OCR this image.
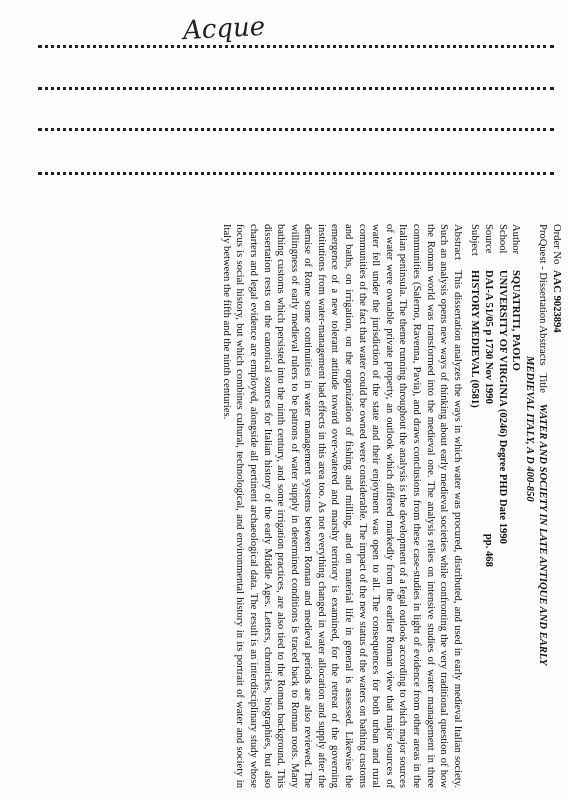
Acque
Order No
AAC 9023894
ProQuest - Dissertation Abstracts   Title    WATER AND SOCIETY IN LATE ANTIQUE AND EARLY
MEDIEVAL ITALY, A D 400-850
Author
SQUATRITI, PAOLO
School
UNIVERSITY OF VIRGINIA (0246) Degree PHD Date 1990
Source
DAI-A 51/05 p 1730 Nov 1990
pp. 468
Subject
HISTORY MEDIEVAL (0581)

AbstractThis dissertation analyzes the ways in which water was procured, distributed, and used in early medieval Italian society. Such an analysis opens new ways of thinking about early medieval societies while confronting the very traditional question of how the Roman world was transformed into the medieval one. The analysis relies on intensive studies of water management in three communities (Salerno, Ravenna, Pavia), and draws conclusions from these case-studies in light of evidence from other areas in the Italian peninsula. The theme running throughout the analysis is the development of a legal outlook according to which major sources of water were ownable private property, an outlook which differed markedly from the earlier Roman view that major sources of water fell under the jurisdiction of the state and their enjoyment was open to all. The consequences for both urban and rural communities of the fact that water could be owned were considerable. The impact of the new status of the waters on bathing customs and baths, on irrigation, on the organization of fishing and milling, and on material life in general is assessed. Likewise the emergence of a new tolerant attitude toward over-watered and marshy territory is examined, for the retreat of the governing institutions from water-management had effects in this area too. As not everything changed in water allocation and supply after the demise of Rome some continuities in water management systems between Roman and medieval periods are also reviewed. The willingness of early medieval rulers to be patrons of water supply in determined conditions is traced back to Roman roots. Many bathing customs which persisted into the ninth century, and some irrigation practices, are also tied to the Roman background. This dissertation rests on the canonical sources for Italian history of the early Middle Ages. Letters, chronicles, biographies, but also charters and legal evidence are employed, alongside all pertinent archaeological data. The result is an interdisciplinary study whose focus is social history, but which combines cultural, technological, and environmental history in its portrait of water and society in Italy between the fifth and the ninth centuries.
